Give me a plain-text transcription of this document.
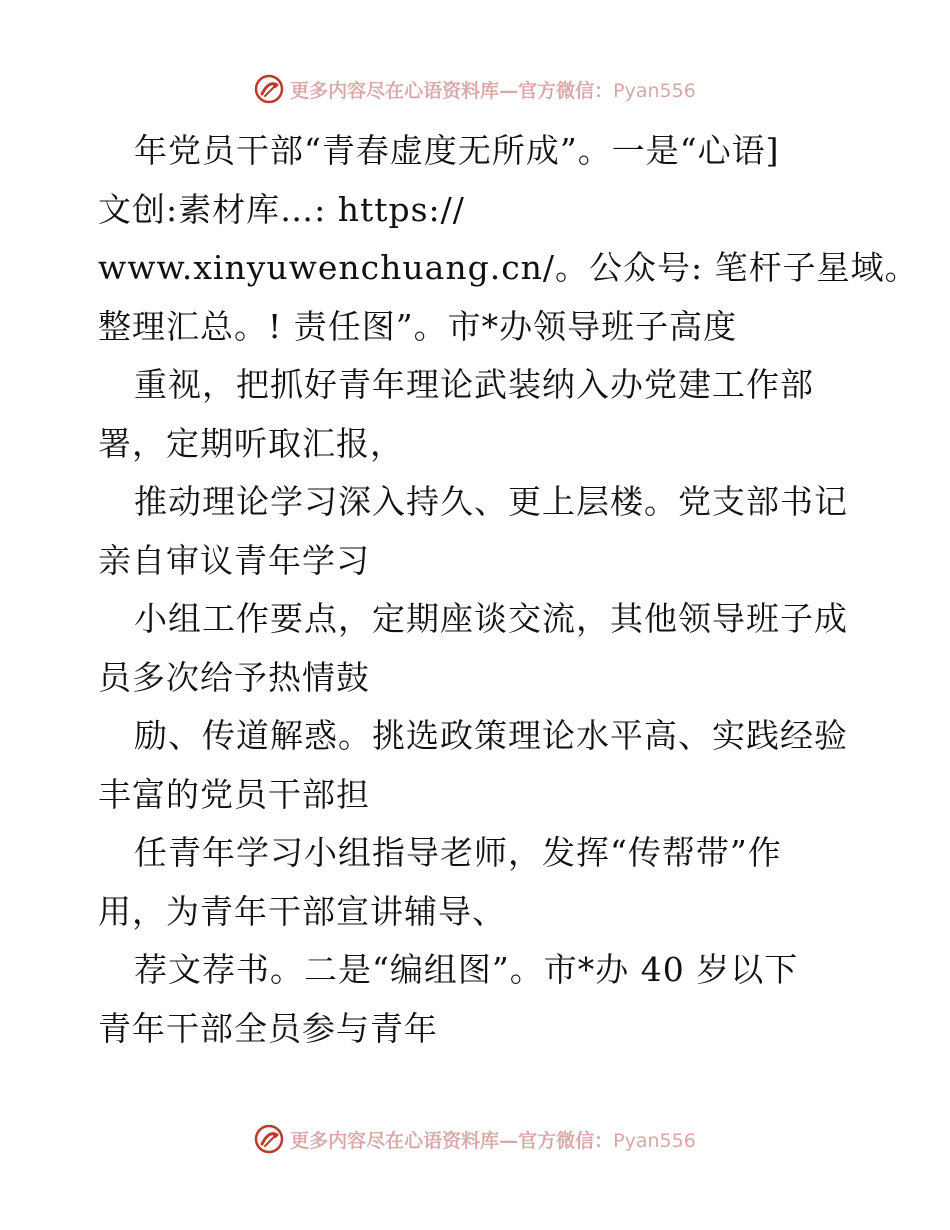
更多内容尽在心语资料库—官方微信：Pyan556
年党员干部“青春虚度无所成”。一是“心语]
文创:素材库…: https://
www.xinyuwenchuang.cn/。公众号: 笔杆子星域。
整理汇总。! 责任图”。市*办领导班子高度
重视，把抓好青年理论武装纳入办党建工作部
署，定期听取汇报，
推动理论学习深入持久、更上层楼。党支部书记
亲自审议青年学习
小组工作要点，定期座谈交流，其他领导班子成
员多次给予热情鼓
励、传道解惑。挑选政策理论水平高、实践经验
丰富的党员干部担
任青年学习小组指导老师，发挥“传帮带”作
用，为青年干部宣讲辅导、
荐文荐书。二是“编组图”。市*办 40 岁以下
青年干部全员参与青年
更多内容尽在心语资料库—官方微信：Pyan556
